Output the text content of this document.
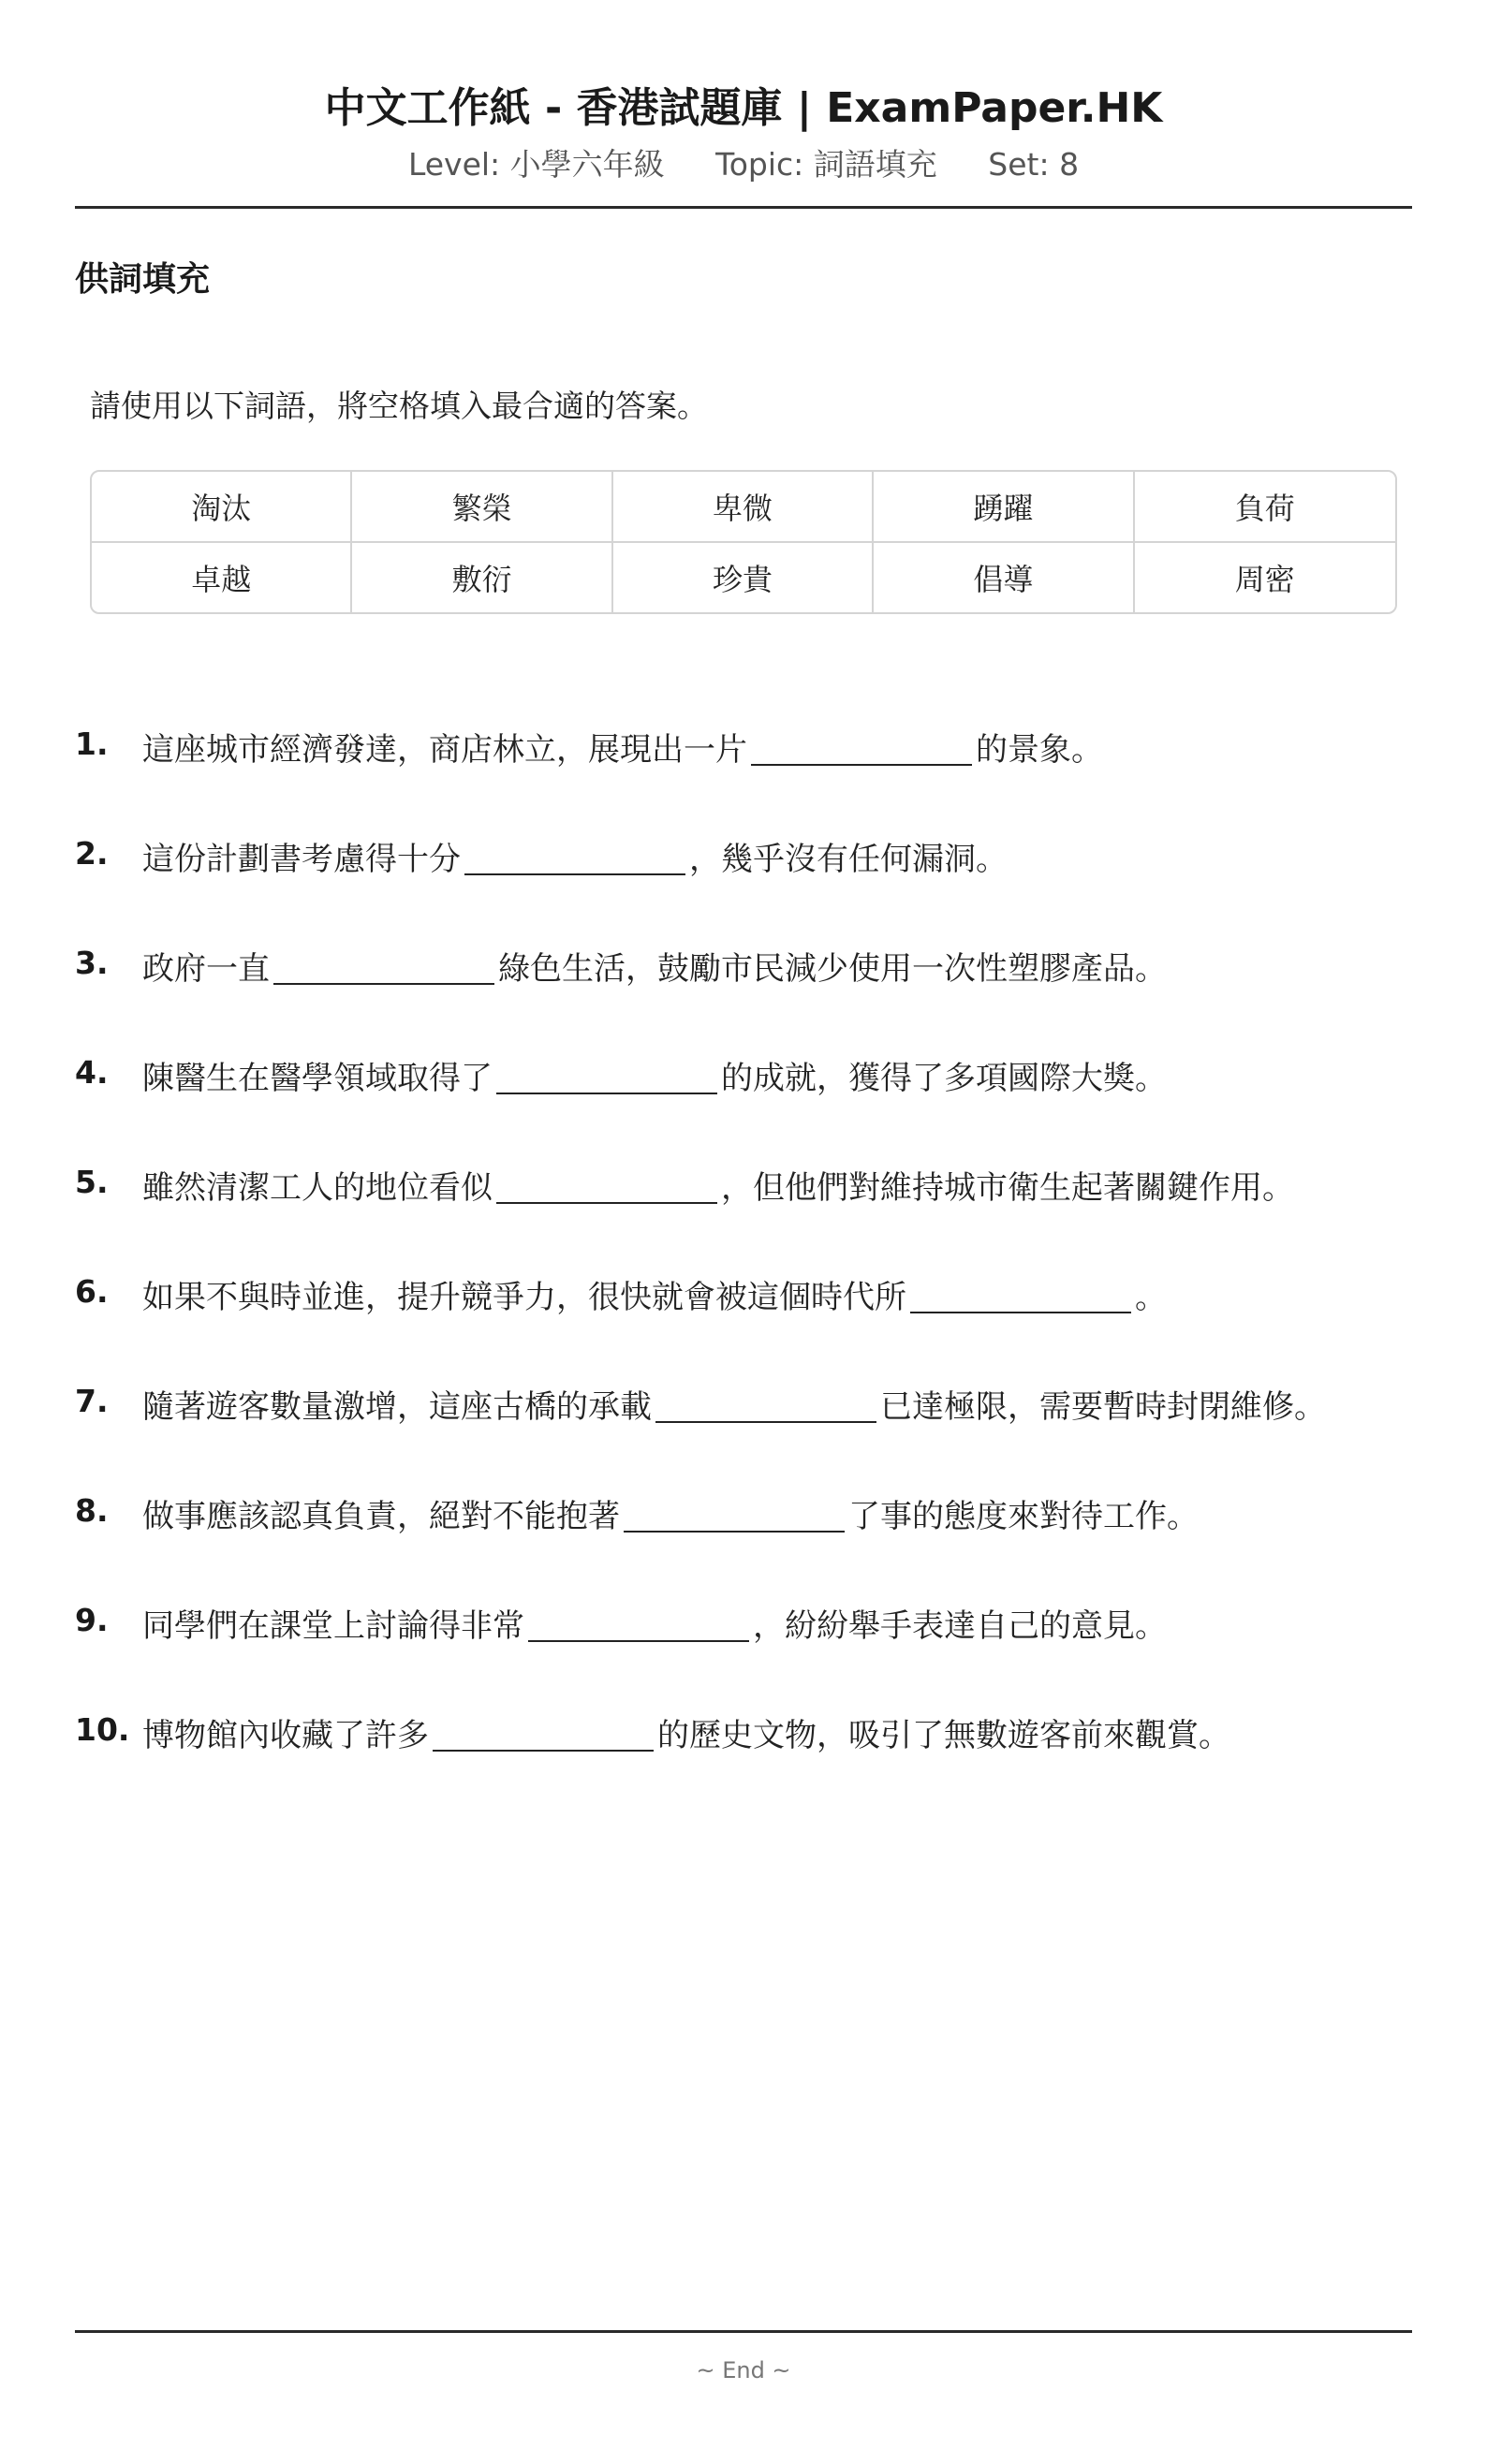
中文工作紙 - 香港試題庫 | ExamPaper.HK
Level: 小學六年級 Topic: 詞語填充 Set: 8
供詞填充
請使用以下詞語，將空格填入最合適的答案。
淘汰	繁榮	卑微	踴躍	負荷
卓越	敷衍	珍貴	倡導	周密
1. 這座城市經濟發達，商店林立，展現出一片	的景象。
2. 這份計劃書考慮得十分	，幾乎沒有任何漏洞。
3. 政府一直	綠色生活，鼓勵市民減少使用一次性塑膠產品。
4. 陳醫生在醫學領域取得了	的成就，獲得了多項國際大獎。
5. 雖然清潔工人的地位看似	，但他們對維持城市衛生起著關鍵作用。
6. 如果不與時並進，提升競爭力，很快就會被這個時代所	。
7. 隨著遊客數量激增，這座古橋的承載	已達極限，需要暫時封閉維修。
8. 做事應該認真負責，絕對不能抱著	了事的態度來對待工作。
9. 同學們在課堂上討論得非常	，紛紛舉手表達自己的意見。
10. 博物館內收藏了許多	的歷史文物，吸引了無數遊客前來觀賞。
~ End ~
